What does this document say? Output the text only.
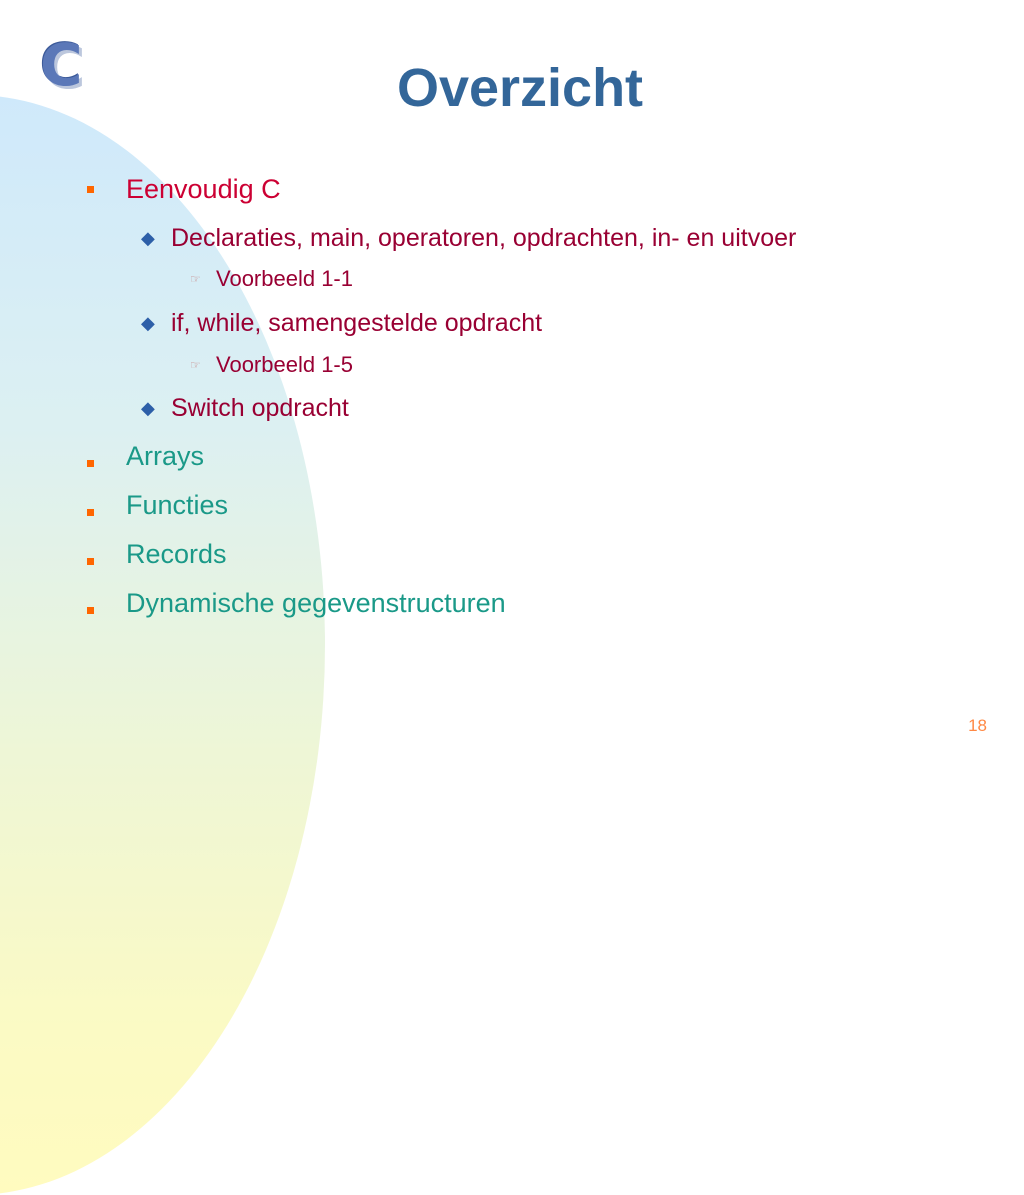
C	Overzicht
Eenvoudig C
◆ Declaraties, main, operatoren, opdrachten, in- en uitvoer
☞ Voorbeeld 1-1
◆ if, while, samengestelde opdracht
☞ Voorbeeld 1-5
◆ Switch opdracht
Arrays
Functies
Records
Dynamische gegevenstructuren
18
